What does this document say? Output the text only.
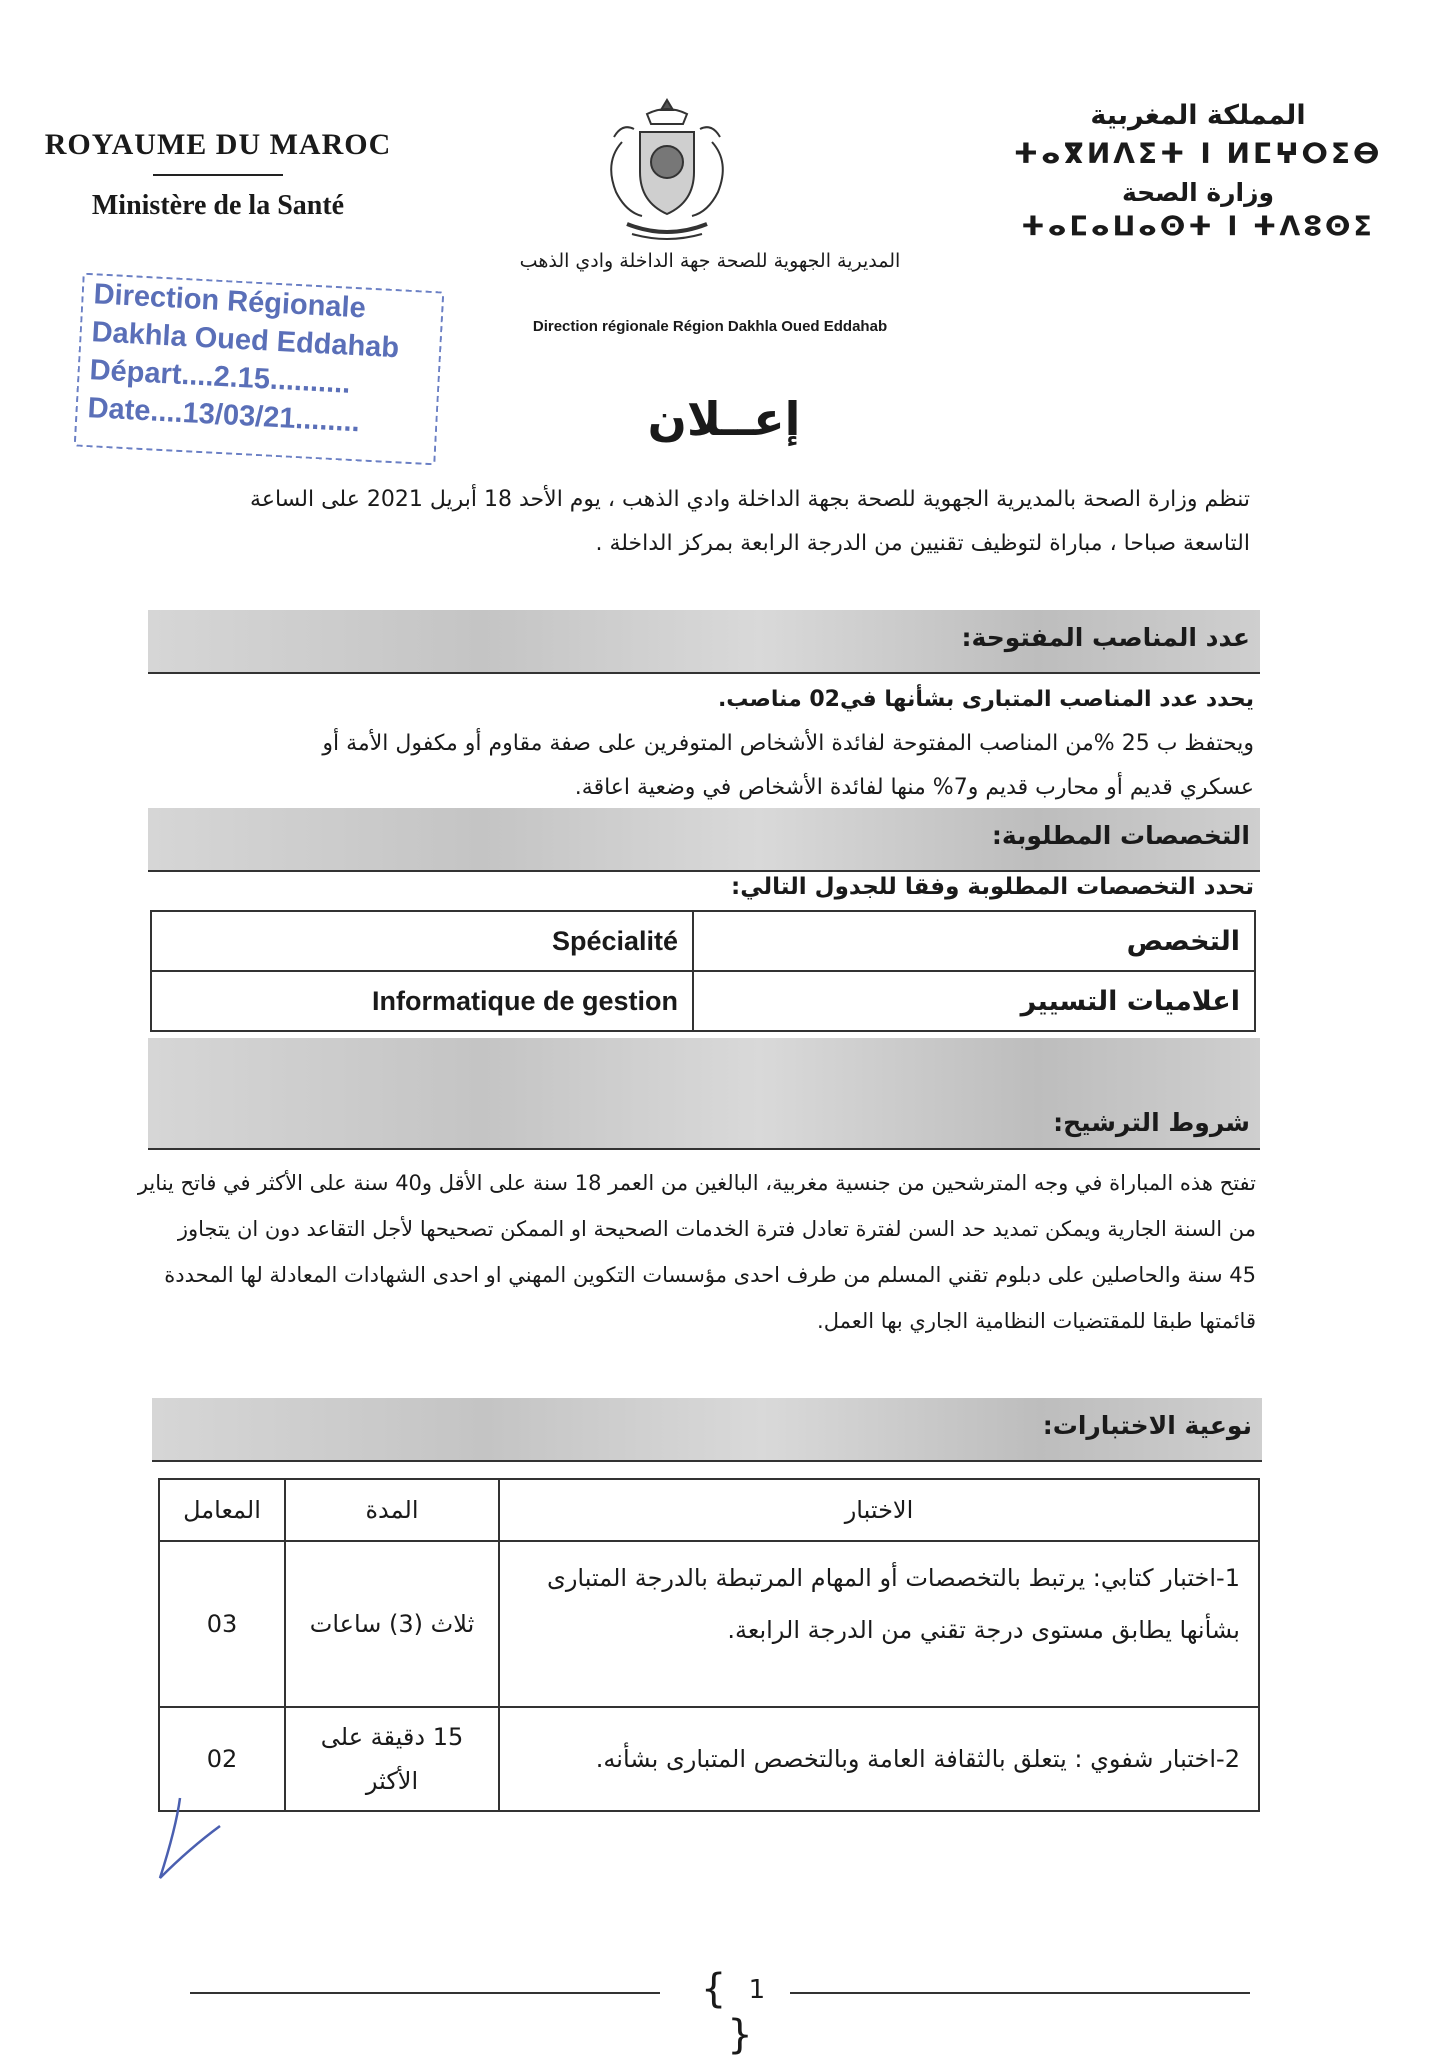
ROYAUME DU MAROC
Ministère de la Santé
المديرية الجهوية للصحة جهة الداخلة وادي الذهب
Direction régionale Région Dakhla Oued Eddahab
المملكة المغربية
ⵜⴰⴳⵍⴷⵉⵜ ⵏ ⵍⵎⵖⵔⵉⴱ
وزارة الصحة
ⵜⴰⵎⴰⵡⴰⵙⵜ ⵏ ⵜⴷⵓⵙⵉ
Direction Régionale
Dakhla Oued Eddahab
Départ....2.15..........
Date....13/03/21........	إعــلان
تنظم وزارة الصحة بالمديرية الجهوية للصحة بجهة الداخلة وادي الذهب ، يوم الأحد 18 أبريل 2021 على الساعة
التاسعة صباحا ، مباراة لتوظيف تقنيين من الدرجة الرابعة بمركز الداخلة .
عدد المناصب المفتوحة:
يحدد عدد المناصب المتبارى بشأنها في02 مناصب.
ويحتفظ ب 25 %من المناصب المفتوحة لفائدة الأشخاص المتوفرين على صفة مقاوم أو مكفول الأمة أو
عسكري قديم أو محارب قديم و7% منها لفائدة الأشخاص في وضعية اعاقة.
التخصصات المطلوبة:
تحدد التخصصات المطلوبة وفقا للجدول التالي:
Spécialité	التخصص
Informatique de gestion	اعلاميات التسيير
شروط الترشيح:
تفتح هذه المباراة في وجه المترشحين من جنسية مغربية، البالغين من العمر 18 سنة على الأقل و40 سنة على الأكثر في فاتح يناير
من السنة الجارية ويمكن تمديد حد السن لفترة تعادل فترة الخدمات الصحيحة او الممكن تصحيحها لأجل التقاعد دون ان يتجاوز
45 سنة والحاصلين على دبلوم تقني المسلم من طرف احدى مؤسسات التكوين المهني او احدى الشهادات المعادلة لها المحددة
قائمتها طبقا للمقتضيات النظامية الجاري بها العمل.
نوعية الاختبارات:
المعامل	المدة	الاختبار
03	ثلاث (3) ساعات	1-اختبار كتابي: يرتبط بالتخصصات أو المهام المرتبطة بالدرجة المتبارى
بشأنها يطابق مستوى درجة تقني من الدرجة الرابعة.

02	15 دقيقة على
الأكثر	2-اختبار شفوي : يتعلق بالثقافة العامة وبالتخصص المتبارى بشأنه.
{ 1 }
